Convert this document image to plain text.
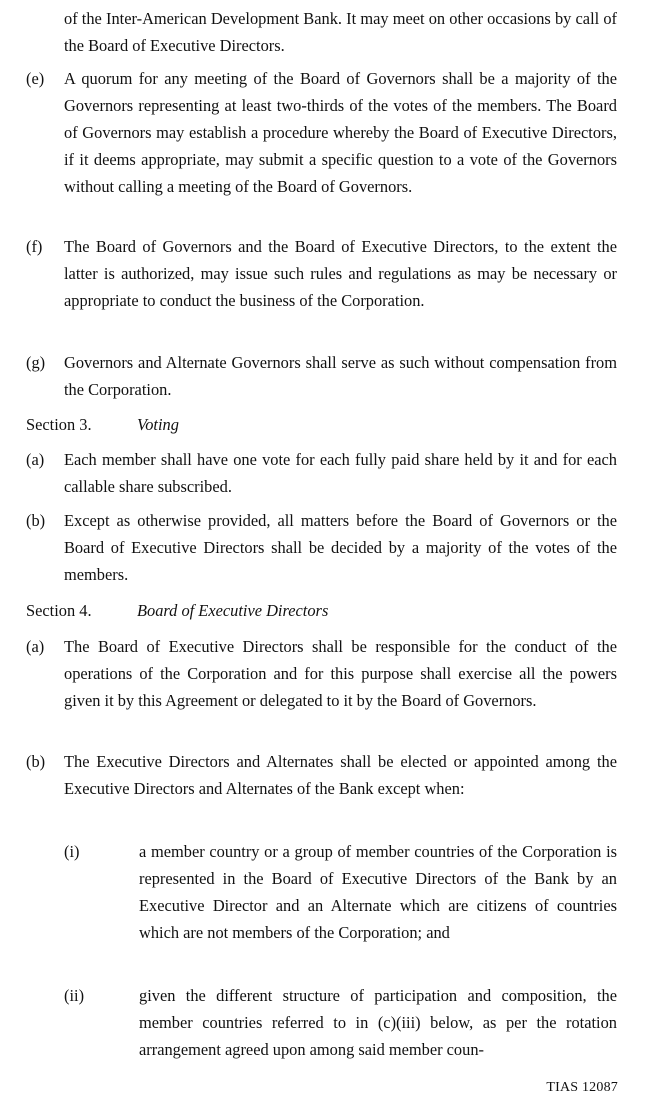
of the Inter-American Development Bank. It may meet on other occasions by call of the Board of Executive Directors.

(e) A quorum for any meeting of the Board of Governors shall be a majority of the Governors representing at least two-thirds of the votes of the members. The Board of Governors may establish a procedure whereby the Board of Executive Directors, if it deems appropriate, may submit a specific question to a vote of the Governors without calling a meeting of the Board of Governors.

(f) The Board of Governors and the Board of Executive Directors, to the extent the latter is authorized, may issue such rules and regulations as may be necessary or appropriate to conduct the business of the Corporation.

(g) Governors and Alternate Governors shall serve as such without compensation from the Corporation.

Section 3.	Voting
(a) Each member shall have one vote for each fully paid share held by it and for each callable share subscribed.

(b) Except as otherwise provided, all matters before the Board of Governors or the Board of Executive Directors shall be decided by a majority of the votes of the members.

Section 4.	Board of Executive Directors
(a) The Board of Executive Directors shall be responsible for the conduct of the operations of the Corporation and for this purpose shall exercise all the powers given it by this Agreement or delegated to it by the Board of Governors.

(b) The Executive Directors and Alternates shall be elected or appointed among the Executive Directors and Alternates of the Bank except when:

(i)	a member country or a group of member countries of the Corporation is represented in the Board of Executive Directors of the Bank by an Executive Director and an Alternate which are citizens of countries which are not members of the Corporation; and

(ii)	given the different structure of participation and composition, the member countries referred to in (c)(iii) below, as per the rotation arrangement agreed upon among said member coun-

TIAS 12087
